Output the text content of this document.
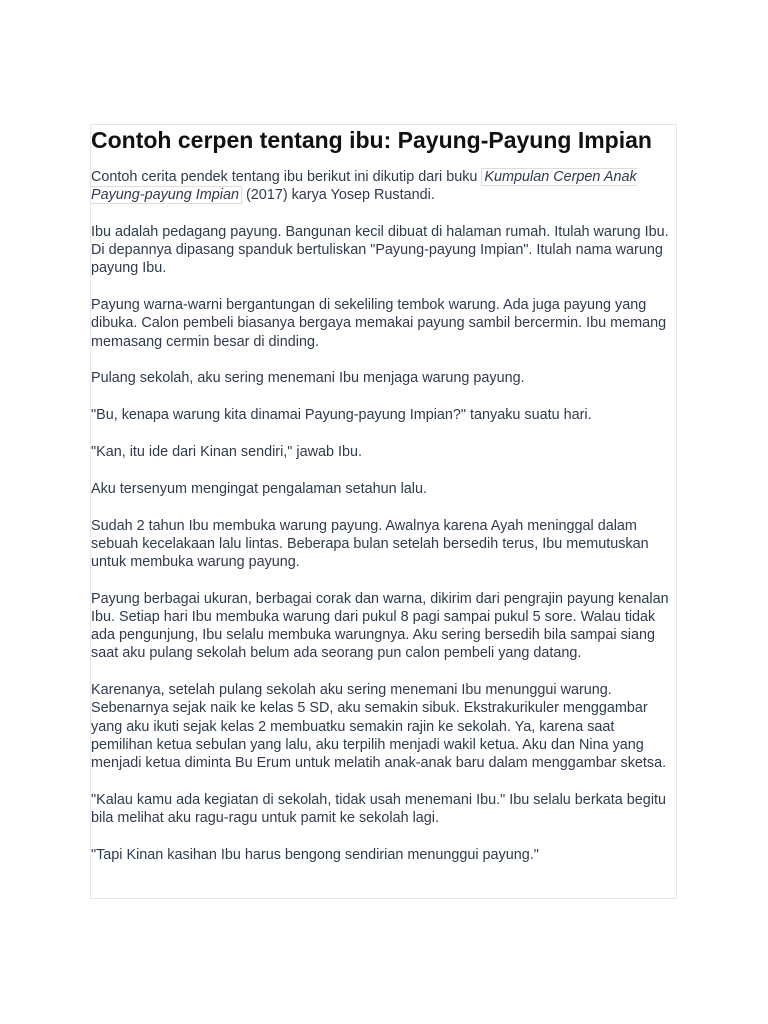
Contoh cerpen tentang ibu: Payung-Payung Impian

Contoh cerita pendek tentang ibu berikut ini dikutip dari buku Kumpulan Cerpen Anak Payung-payung Impian (2017) karya Yosep Rustandi.

Ibu adalah pedagang payung. Bangunan kecil dibuat di halaman rumah. Itulah warung Ibu. Di depannya dipasang spanduk bertuliskan "Payung-payung Impian". Itulah nama warung payung Ibu.

Payung warna-warni bergantungan di sekeliling tembok warung. Ada juga payung yang dibuka. Calon pembeli biasanya bergaya memakai payung sambil bercermin. Ibu memang memasang cermin besar di dinding.

Pulang sekolah, aku sering menemani Ibu menjaga warung payung.

"Bu, kenapa warung kita dinamai Payung-payung Impian?" tanyaku suatu hari.

"Kan, itu ide dari Kinan sendiri," jawab Ibu.

Aku tersenyum mengingat pengalaman setahun lalu.

Sudah 2 tahun Ibu membuka warung payung. Awalnya karena Ayah meninggal dalam sebuah kecelakaan lalu lintas. Beberapa bulan setelah bersedih terus, Ibu memutuskan untuk membuka warung payung.

Payung berbagai ukuran, berbagai corak dan warna, dikirim dari pengrajin payung kenalan Ibu. Setiap hari Ibu membuka warung dari pukul 8 pagi sampai pukul 5 sore. Walau tidak ada pengunjung, Ibu selalu membuka warungnya. Aku sering bersedih bila sampai siang saat aku pulang sekolah belum ada seorang pun calon pembeli yang datang.

Karenanya, setelah pulang sekolah aku sering menemani Ibu menunggui warung. Sebenarnya sejak naik ke kelas 5 SD, aku semakin sibuk. Ekstrakurikuler menggambar yang aku ikuti sejak kelas 2 membuatku semakin rajin ke sekolah. Ya, karena saat pemilihan ketua sebulan yang lalu, aku terpilih menjadi wakil ketua. Aku dan Nina yang menjadi ketua diminta Bu Erum untuk melatih anak-anak baru dalam menggambar sketsa.

"Kalau kamu ada kegiatan di sekolah, tidak usah menemani Ibu." Ibu selalu berkata begitu bila melihat aku ragu-ragu untuk pamit ke sekolah lagi.

"Tapi Kinan kasihan Ibu harus bengong sendirian menunggui payung."
